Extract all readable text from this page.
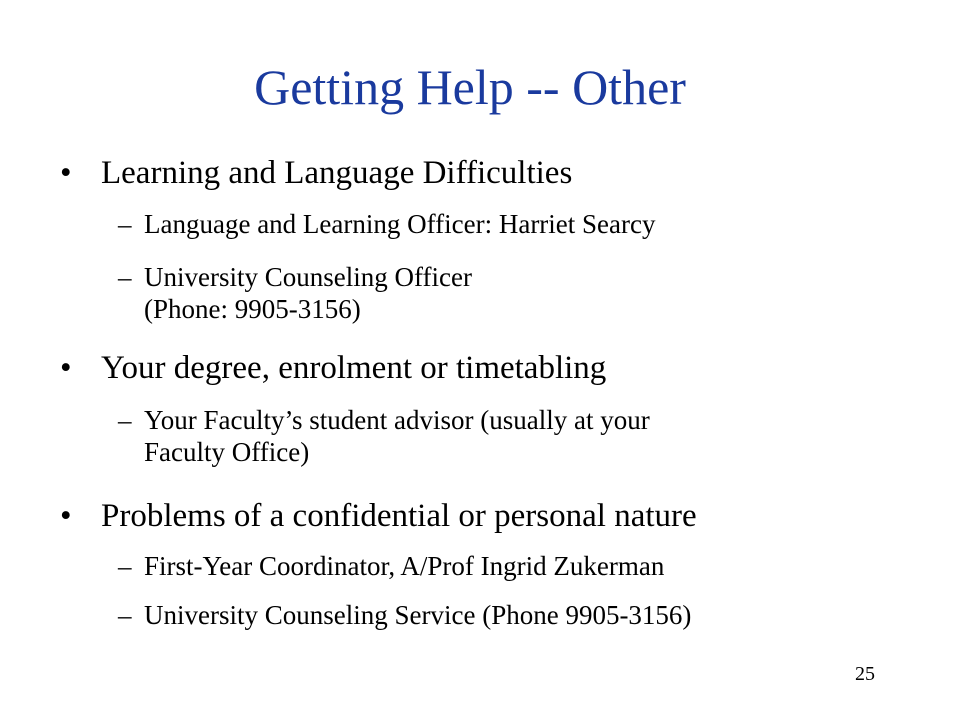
Getting Help -- Other
• Learning and Language Difficulties
– Language and Learning Officer: Harriet Searcy
– University Counseling Officer
(Phone: 9905-3156)
• Your degree, enrolment or timetabling
– Your Faculty’s student advisor (usually at your
Faculty Office)
• Problems of a confidential or personal nature
– First-Year Coordinator, A/Prof Ingrid Zukerman
– University Counseling Service (Phone 9905-3156)
25
